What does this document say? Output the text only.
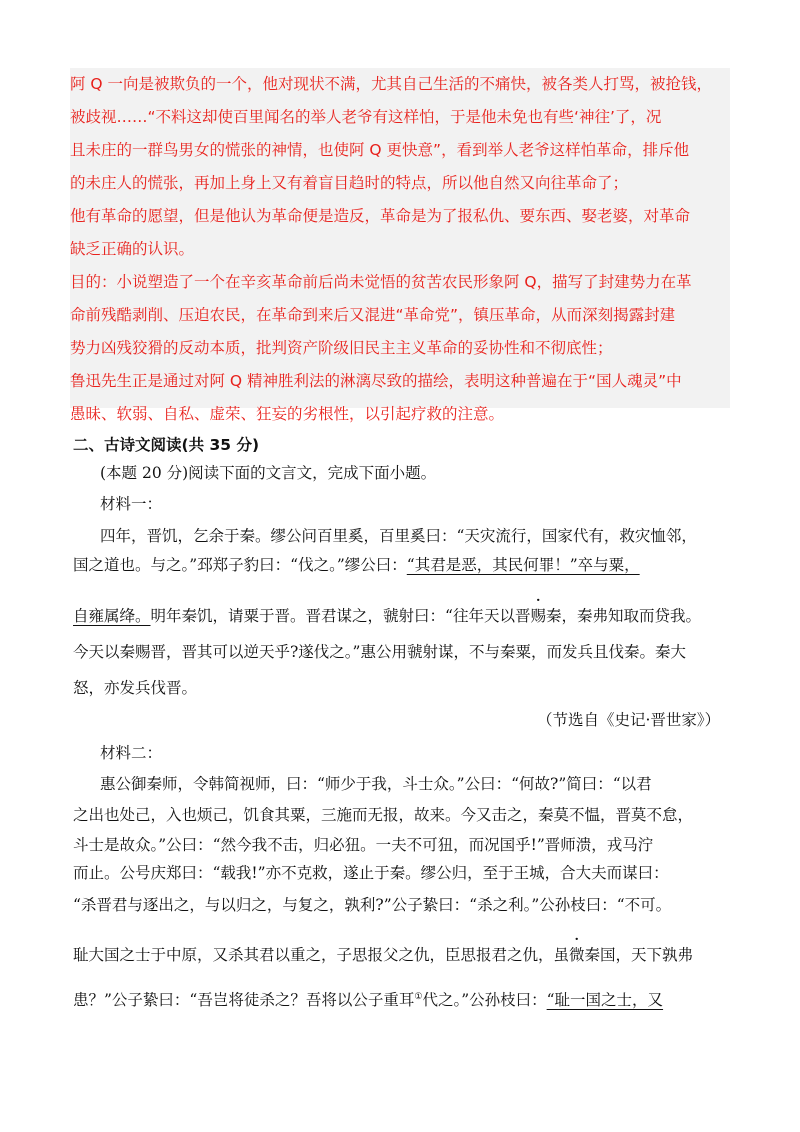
阿 Q 一向是被欺负的一个，他对现状不满，尤其自己生活的不痛快，被各类人打骂，被抢钱，
被歧视……“不料这却使百里闻名的举人老爷有这样怕，于是他未免也有些‘神往’了，况
且未庄的一群鸟男女的慌张的神情，也使阿 Q 更快意”，看到举人老爷这样怕革命，排斥他
的未庄人的慌张，再加上身上又有着盲目趋时的特点，所以他自然又向往革命了；
他有革命的愿望，但是他认为革命便是造反，革命是为了报私仇、要东西、娶老婆，对革命
缺乏正确的认识。
目的：小说塑造了一个在辛亥革命前后尚未觉悟的贫苦农民形象阿 Q，描写了封建势力在革
命前残酷剥削、压迫农民，在革命到来后又混进“革命党”，镇压革命，从而深刻揭露封建
势力凶残狡猾的反动本质，批判资产阶级旧民主主义革命的妥协性和不彻底性；
鲁迅先生正是通过对阿 Q 精神胜利法的淋漓尽致的描绘，表明这种普遍在于“国人魂灵”中
愚昧、软弱、自私、虚荣、狂妄的劣根性，以引起疗救的注意。

二、古诗文阅读(共 35 分)
(本题 20 分)阅读下面的文言文，完成下面小题。
材料一：
四年，晋饥，乞余于秦。缪公问百里奚，百里奚曰：“天灾流行，国家代有，救灾恤邻，
国之道也。与之。”邳郑子豹曰：“伐之。”缪公曰：“其君是恶，其民何罪！”卒与粟，
自雍属绛。明年秦饥，请粟于晋。晋君谋之，虢射曰：“往年天以晋赐秦，秦弗知取而贷我。
今天以秦赐晋，晋其可以逆天乎?遂伐之。”惠公用虢射谋，不与秦粟，而发兵且伐秦。秦大
怒，亦发兵伐晋。
（节选自《史记·晋世家》）
材料二：
惠公御秦师，令韩简视师，曰：“师少于我，斗士众。”公曰：“何故?”简曰：“以君
之出也处己，入也烦己，饥食其粟，三施而无报，故来。今又击之，秦莫不愠，晋莫不怠，
斗士是故众。”公曰：“然今我不击，归必狃。一夫不可狃，而况国乎!”晋师溃，戎马泞
而止。公号庆郑曰：“载我!”亦不克救，遂止于秦。缪公归，至于王城，合大夫而谋曰：
“杀晋君与逐出之，与以归之，与复之，孰利?”公子絷曰：“杀之利。”公孙枝曰：“不可。
耻大国之士于中原，又杀其君以重之，子思报父之仇，臣思报君之仇，虽微秦国，天下孰弗
患？”公子絷曰：“吾岂将徒杀之？吾将以公子重耳①代之。”公孙枝曰：“耻一国之士，又
